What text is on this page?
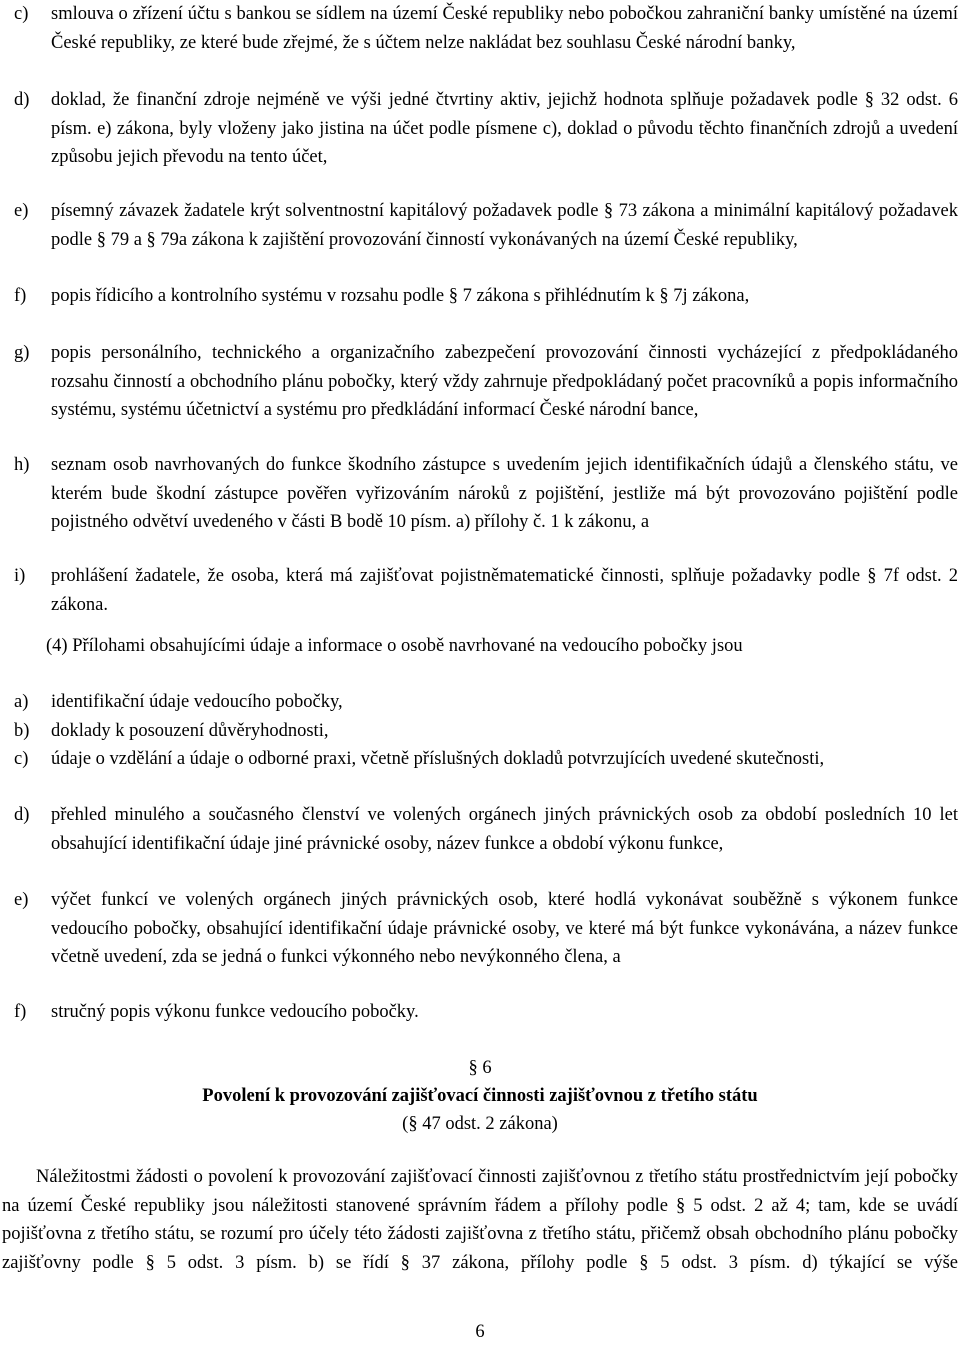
c) smlouva o zřízení účtu s bankou se sídlem na území České republiky nebo pobočkou zahraniční banky umístěné na území České republiky, ze které bude zřejmé, že s účtem nelze nakládat bez souhlasu České národní banky,
d) doklad, že finanční zdroje nejméně ve výši jedné čtvrtiny aktiv, jejichž hodnota splňuje požadavek podle § 32 odst. 6 písm. e) zákona, byly vloženy jako jistina na účet podle písmene c), doklad o původu těchto finančních zdrojů a uvedení způsobu jejich převodu na tento účet,
e) písemný závazek žadatele krýt solventnostní kapitálový požadavek podle § 73 zákona a minimální kapitálový požadavek podle § 79 a § 79a zákona k zajištění provozování činností vykonávaných na území České republiky,
f) popis řídicího a kontrolního systému v rozsahu podle § 7 zákona s přihlédnutím k § 7j zákona,
g) popis personálního, technického a organizačního zabezpečení provozování činnosti vycházející z předpokládaného rozsahu činností a obchodního plánu pobočky, který vždy zahrnuje předpokládaný počet pracovníků a popis informačního systému, systému účetnictví a systému pro předkládání informací České národní bance,
h) seznam osob navrhovaných do funkce škodního zástupce s uvedením jejich identifikačních údajů a členského státu, ve kterém bude škodní zástupce pověřen vyřizováním nároků z pojištění, jestliže má být provozováno pojištění podle pojistného odvětví uvedeného v části B bodě 10 písm. a) přílohy č. 1 k zákonu, a
i) prohlášení žadatele, že osoba, která má zajišťovat pojistněmatematické činnosti, splňuje požadavky podle § 7f odst. 2 zákona.
(4) Přílohami obsahujícími údaje a informace o osobě navrhované na vedoucího pobočky jsou
a) identifikační údaje vedoucího pobočky,
b) doklady k posouzení důvěryhodnosti,
c) údaje o vzdělání a údaje o odborné praxi, včetně příslušných dokladů potvrzujících uvedené skutečnosti,
d) přehled minulého a současného členství ve volených orgánech jiných právnických osob za období posledních 10 let obsahující identifikační údaje jiné právnické osoby, název funkce a období výkonu funkce,
e) výčet funkcí ve volených orgánech jiných právnických osob, které hodlá vykonávat souběžně s výkonem funkce vedoucího pobočky, obsahující identifikační údaje právnické osoby, ve které má být funkce vykonávána, a název funkce včetně uvedení, zda se jedná o funkci výkonného nebo nevýkonného člena, a
f) stručný popis výkonu funkce vedoucího pobočky.
§ 6
Povolení k provozování zajišťovací činnosti zajišťovnou z třetího státu
(§ 47 odst. 2 zákona)
Náležitostmi žádosti o povolení k provozování zajišťovací činnosti zajišťovnou z třetího státu prostřednictvím její pobočky na území České republiky jsou náležitosti stanovené správním řádem a přílohy podle § 5 odst. 2 až 4; tam, kde se uvádí pojišťovna z třetího státu, se rozumí pro účely této žádosti zajišťovna z třetího státu, přičemž obsah obchodního plánu pobočky zajišťovny podle § 5 odst. 3 písm. b) se řídí § 37 zákona, přílohy podle § 5 odst. 3 písm. d) týkající se výše
6
